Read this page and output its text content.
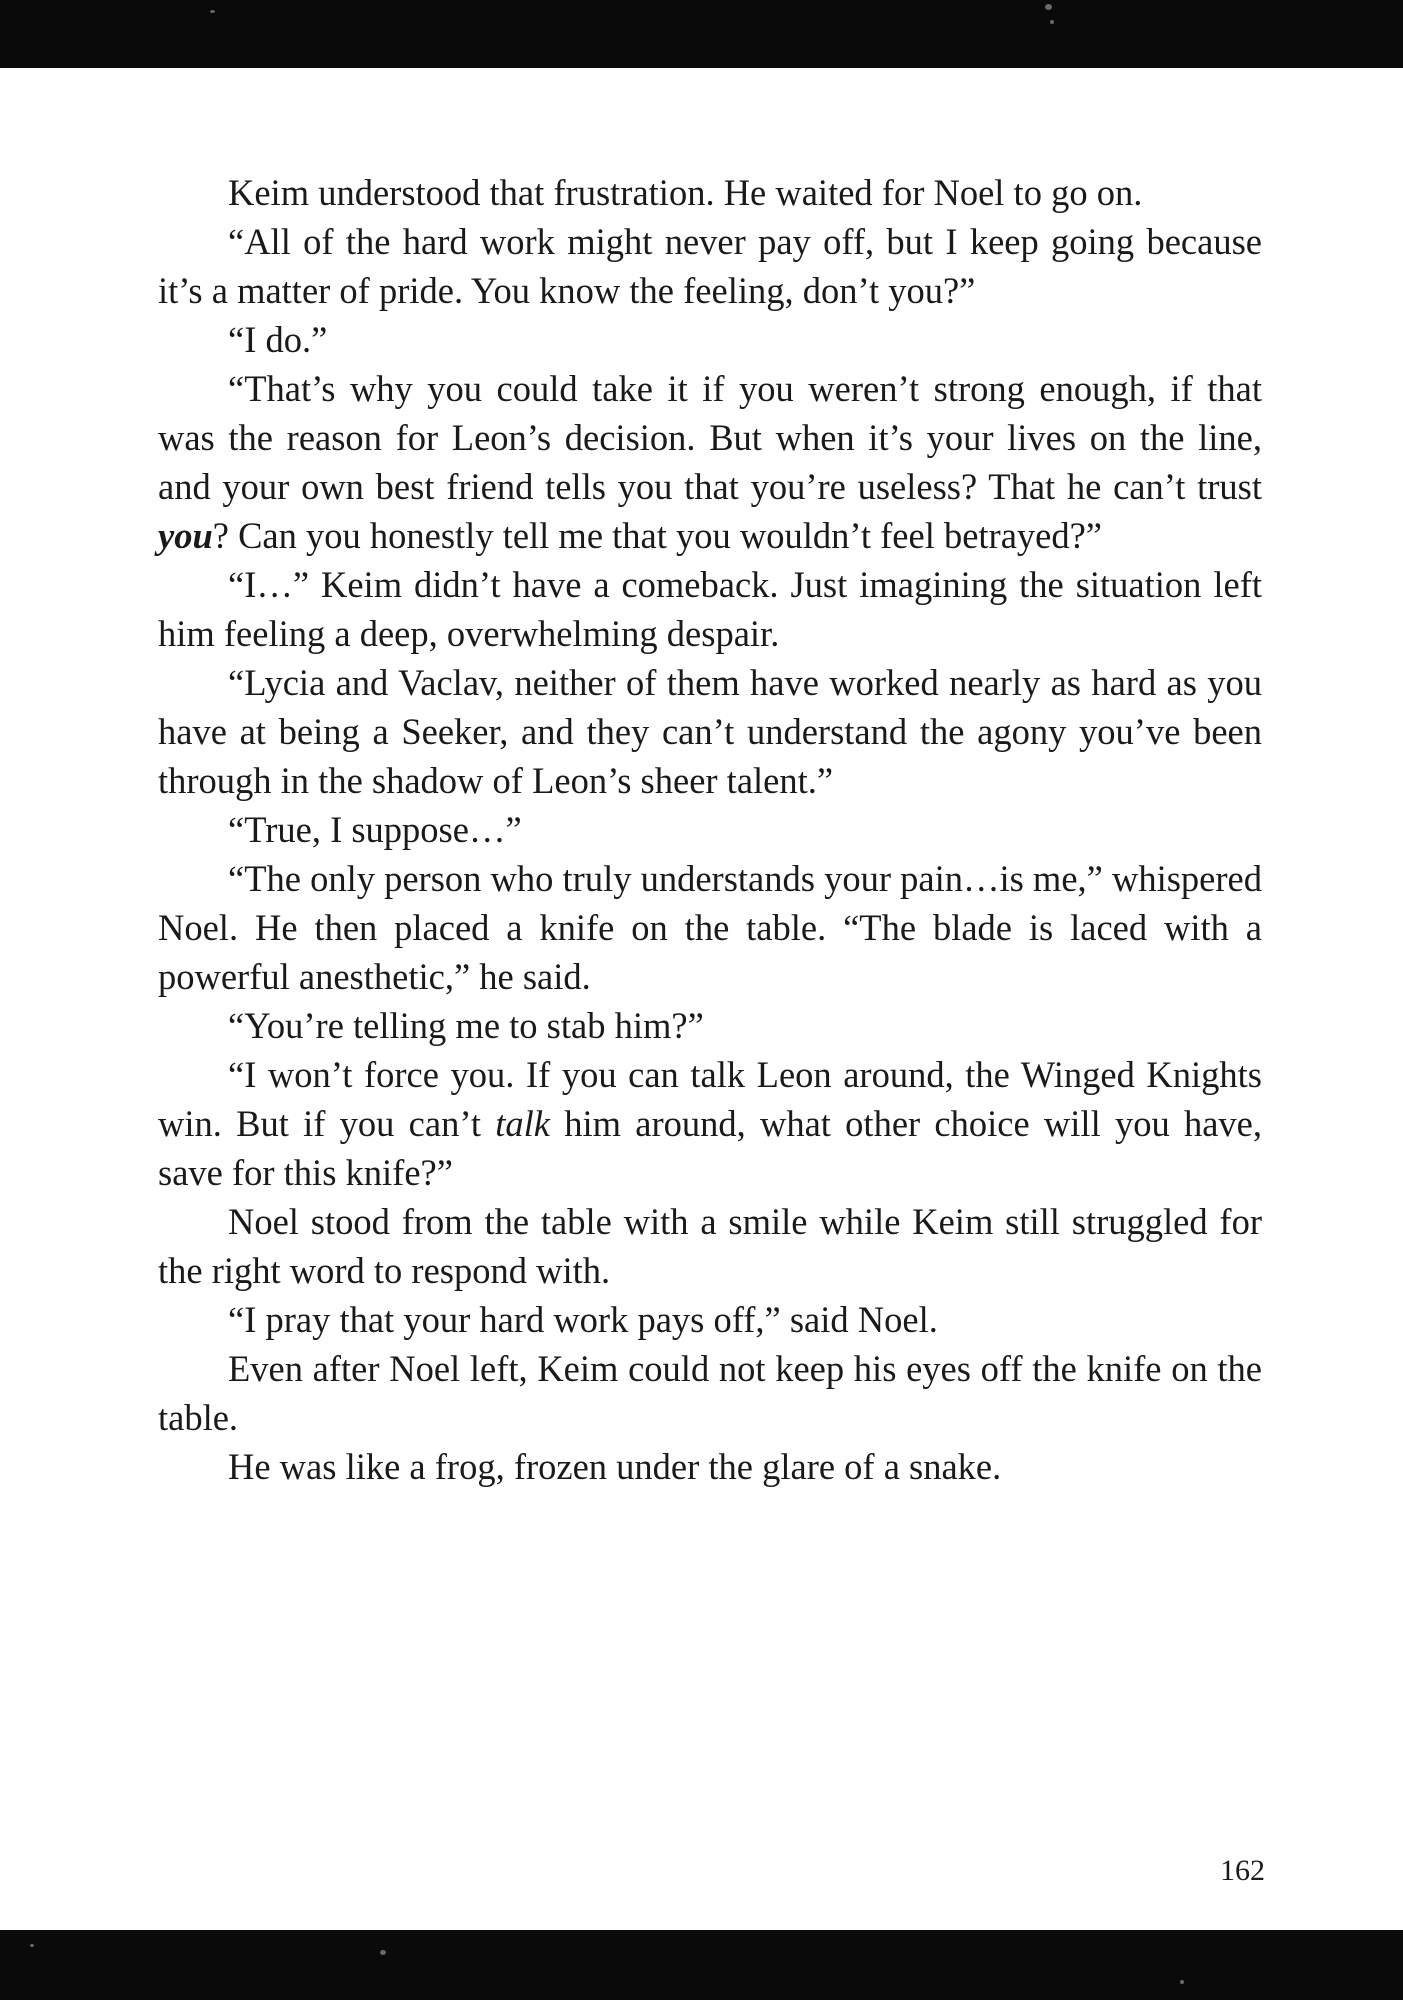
Keim understood that frustration. He waited for Noel to go on.

“All of the hard work might never pay off, but I keep going because it’s a matter of pride. You know the feeling, don’t you?”

“I do.”

“That’s why you could take it if you weren’t strong enough, if that was the reason for Leon’s decision. But when it’s your lives on the line, and your own best friend tells you that you’re useless? That he can’t trust you? Can you honestly tell me that you wouldn’t feel betrayed?”

“I…” Keim didn’t have a comeback. Just imagining the situation left him feeling a deep, overwhelming despair.

“Lycia and Vaclav, neither of them have worked nearly as hard as you have at being a Seeker, and they can’t understand the agony you’ve been through in the shadow of Leon’s sheer talent.”

“True, I suppose…”

“The only person who truly understands your pain…is me,” whispered Noel. He then placed a knife on the table. “The blade is laced with a powerful anesthetic,” he said.

“You’re telling me to stab him?”

“I won’t force you. If you can talk Leon around, the Winged Knights win. But if you can’t talk him around, what other choice will you have, save for this knife?”

Noel stood from the table with a smile while Keim still struggled for the right word to respond with.

“I pray that your hard work pays off,” said Noel.

Even after Noel left, Keim could not keep his eyes off the knife on the table.

He was like a frog, frozen under the glare of a snake.

162
